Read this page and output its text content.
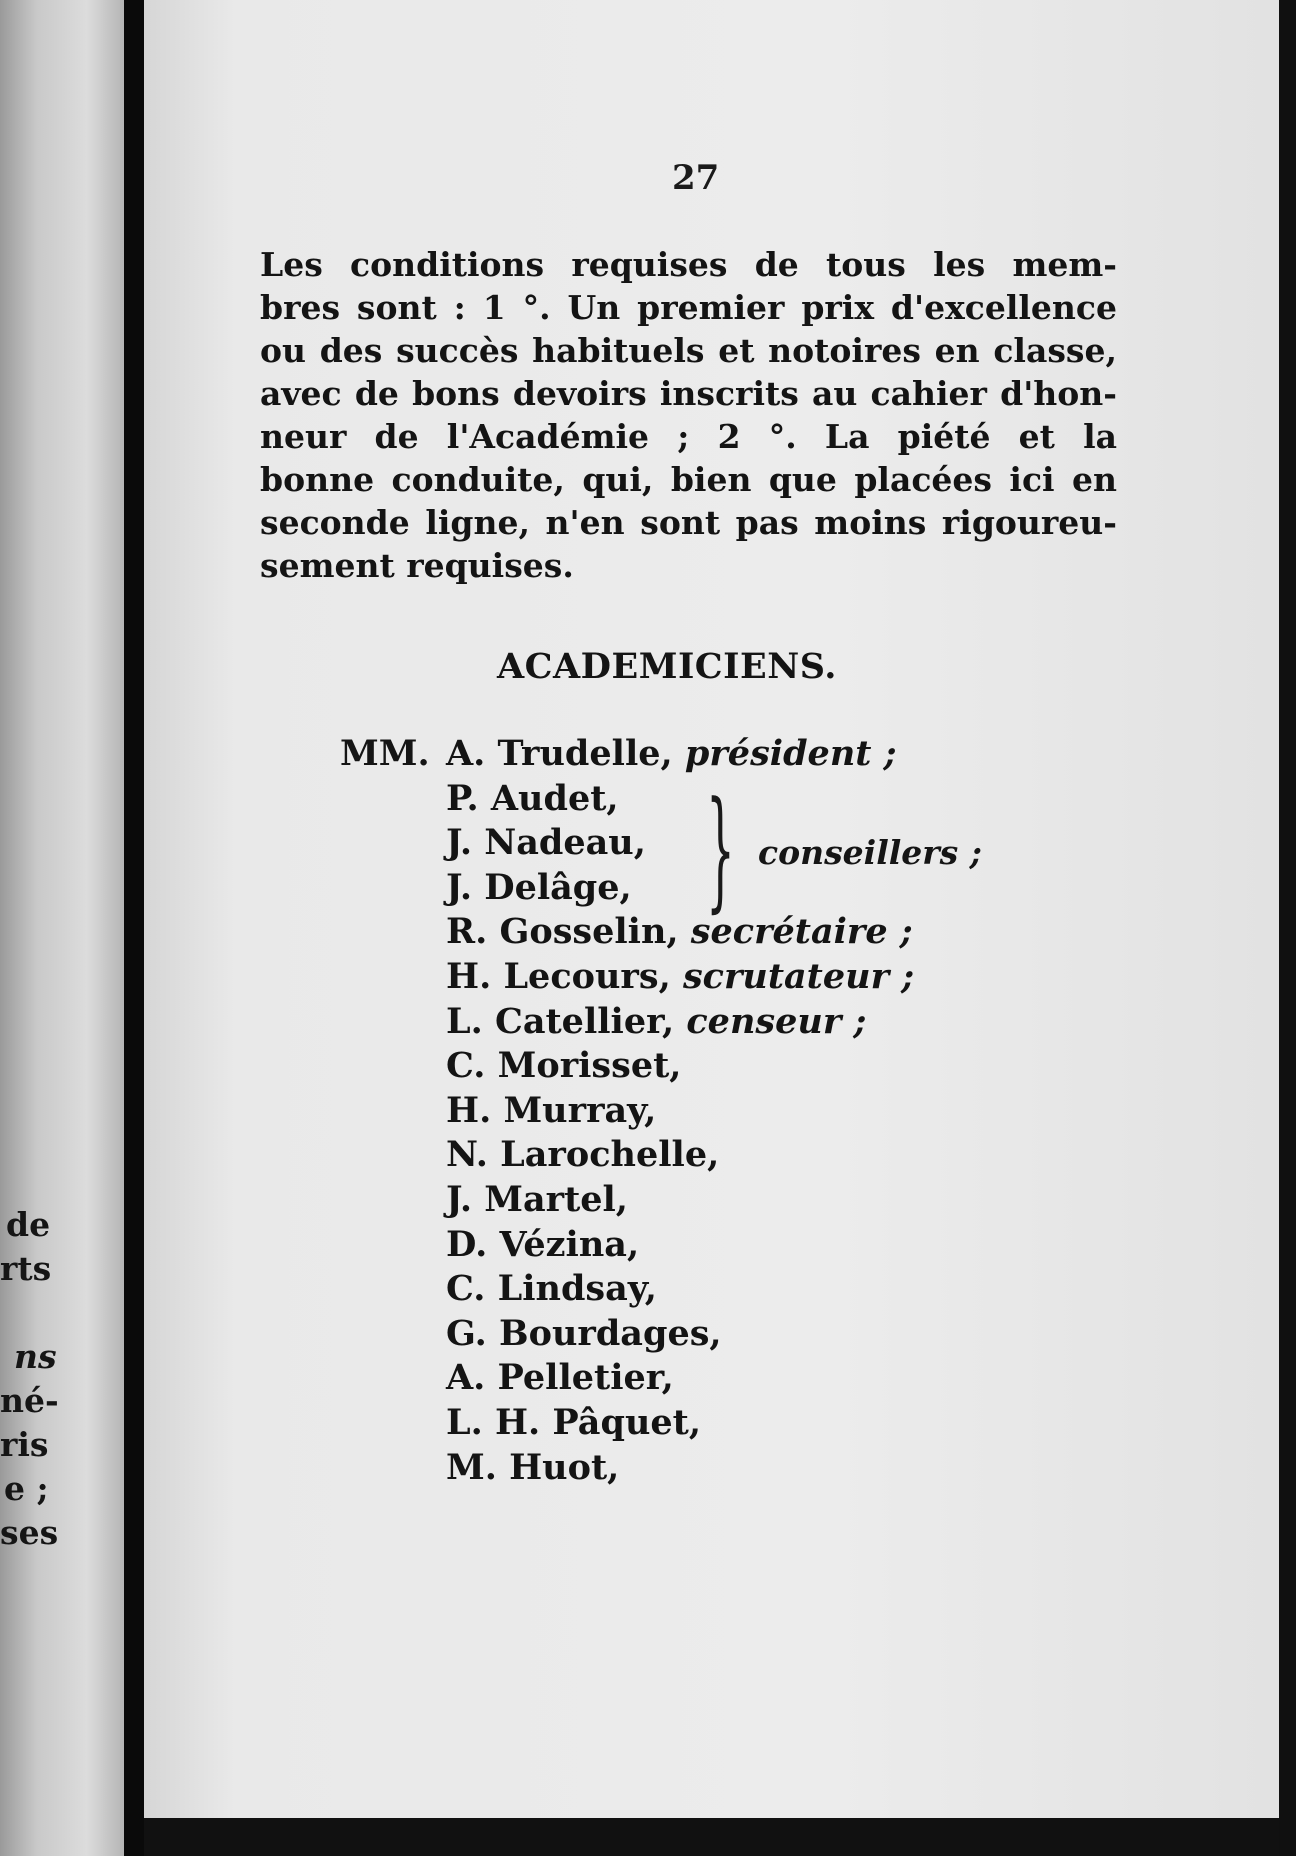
de
rts
ns
né-
ris
e ;
ses
27
Les conditions requises de tous les mem-
bres sont : 1 °. Un premier prix d'excellence
ou des succès habituels et notoires en classe,
avec de bons devoirs inscrits au cahier d'hon-
neur de l'Académie ; 2 °. La piété et la
bonne conduite, qui, bien que placées ici en
seconde ligne, n'en sont pas moins rigoureu-
sement requises.
ACADEMICIENS.
MM. A. Trudelle, président ;
P. Audet,
J. Nadeau,
J. Delâge,
R. Gosselin, secrétaire ;
H. Lecours, scrutateur ;
L. Catellier, censeur ;
C. Morisset,
H. Murray,
N. Larochelle,
J. Martel,
D. Vézina,
C. Lindsay,
G. Bourdages,
A. Pelletier,
L. H. Pâquet,
M. Huot,
} conseillers ;
